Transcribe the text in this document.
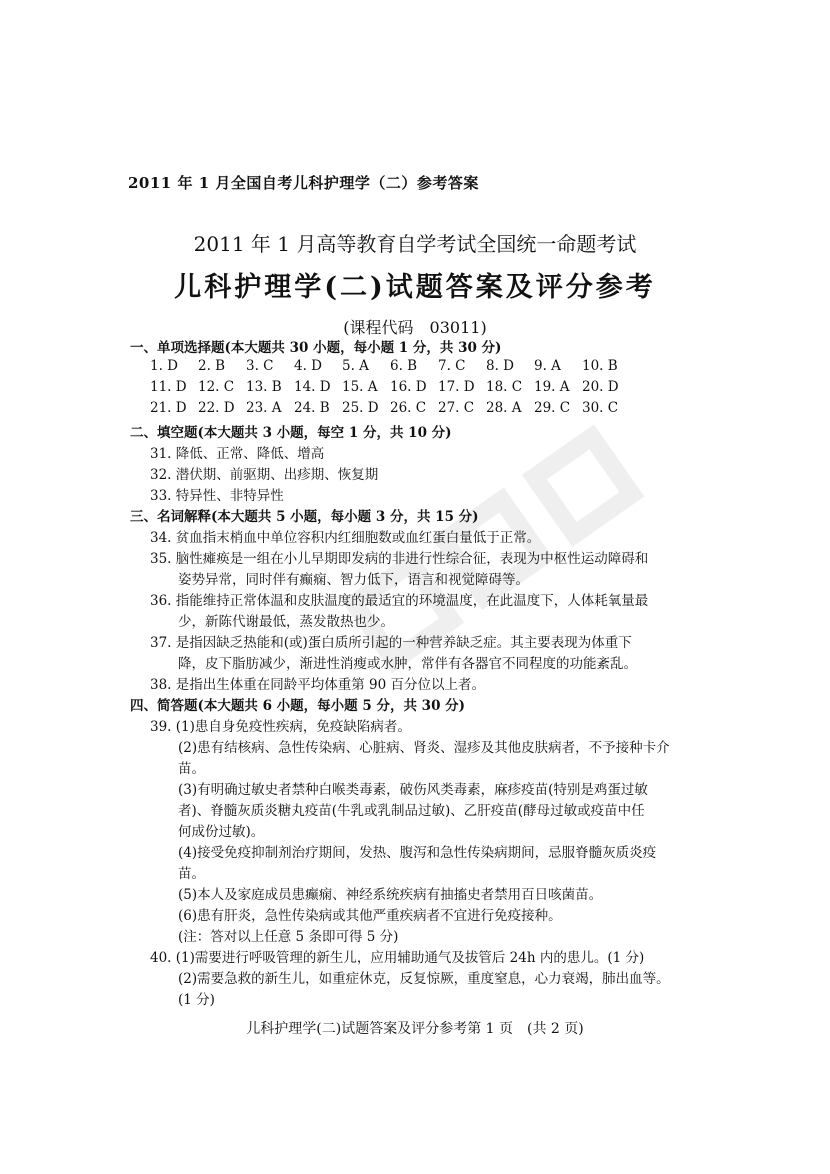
2011 年 1 月全国自考儿科护理学（二）参考答案
2011 年 1 月高等教育自学考试全国统一命题考试
儿科护理学(二)试题答案及评分参考
(课程代码　03011)
一、单项选择题(本大题共 30 小题，每小题 1 分，共 30 分)
1. D 2. B 3. C 4. D 5. A 6. B 7. C 8. D 9. A 10. B
11. D 12. C 13. B 14. D 15. A 16. D 17. D 18. C 19. A 20. D
21. D 22. D 23. A 24. B 25. D 26. C 27. C 28. A 29. C 30. C
二、填空题(本大题共 3 小题，每空 1 分，共 10 分)
31. 降低、正常、降低、增高
32. 潜伏期、前驱期、出疹期、恢复期
33. 特异性、非特异性
三、名词解释(本大题共 5 小题，每小题 3 分，共 15 分)
34. 贫血指末梢血中单位容积内红细胞数或血红蛋白量低于正常。
35. 脑性瘫痪是一组在小儿早期即发病的非进行性综合征，表现为中枢性运动障碍和
姿势异常，同时伴有癫痫、智力低下，语言和视觉障碍等。
36. 指能维持正常体温和皮肤温度的最适宜的环境温度，在此温度下，人体耗氧量最
少，新陈代谢最低，蒸发散热也少。
37. 是指因缺乏热能和(或)蛋白质所引起的一种营养缺乏症。其主要表现为体重下
降，皮下脂肪减少，渐进性消瘦或水肿，常伴有各器官不同程度的功能紊乱。
38. 是指出生体重在同龄平均体重第 90 百分位以上者。
四、简答题(本大题共 6 小题，每小题 5 分，共 30 分)
39. (1)患自身免疫性疾病，免疫缺陷病者。
(2)患有结核病、急性传染病、心脏病、肾炎、湿疹及其他皮肤病者，不予接种卡介
苗。
(3)有明确过敏史者禁种白喉类毒素，破伤风类毒素，麻疹疫苗(特别是鸡蛋过敏
者)、脊髓灰质炎糖丸疫苗(牛乳或乳制品过敏)、乙肝疫苗(酵母过敏或疫苗中任
何成份过敏)。
(4)接受免疫抑制剂治疗期间，发热、腹泻和急性传染病期间，忌服脊髓灰质炎疫
苗。
(5)本人及家庭成员患癫痫、神经系统疾病有抽搐史者禁用百日咳菌苗。
(6)患有肝炎，急性传染病或其他严重疾病者不宜进行免疫接种。
(注：答对以上任意 5 条即可得 5 分)
40. (1)需要进行呼吸管理的新生儿，应用辅助通气及拔管后 24h 内的患儿。(1 分)
(2)需要急救的新生儿，如重症休克，反复惊厥，重度窒息，心力衰竭，肺出血等。
(1 分)
儿科护理学(二)试题答案及评分参考第 1 页　(共 2 页)
